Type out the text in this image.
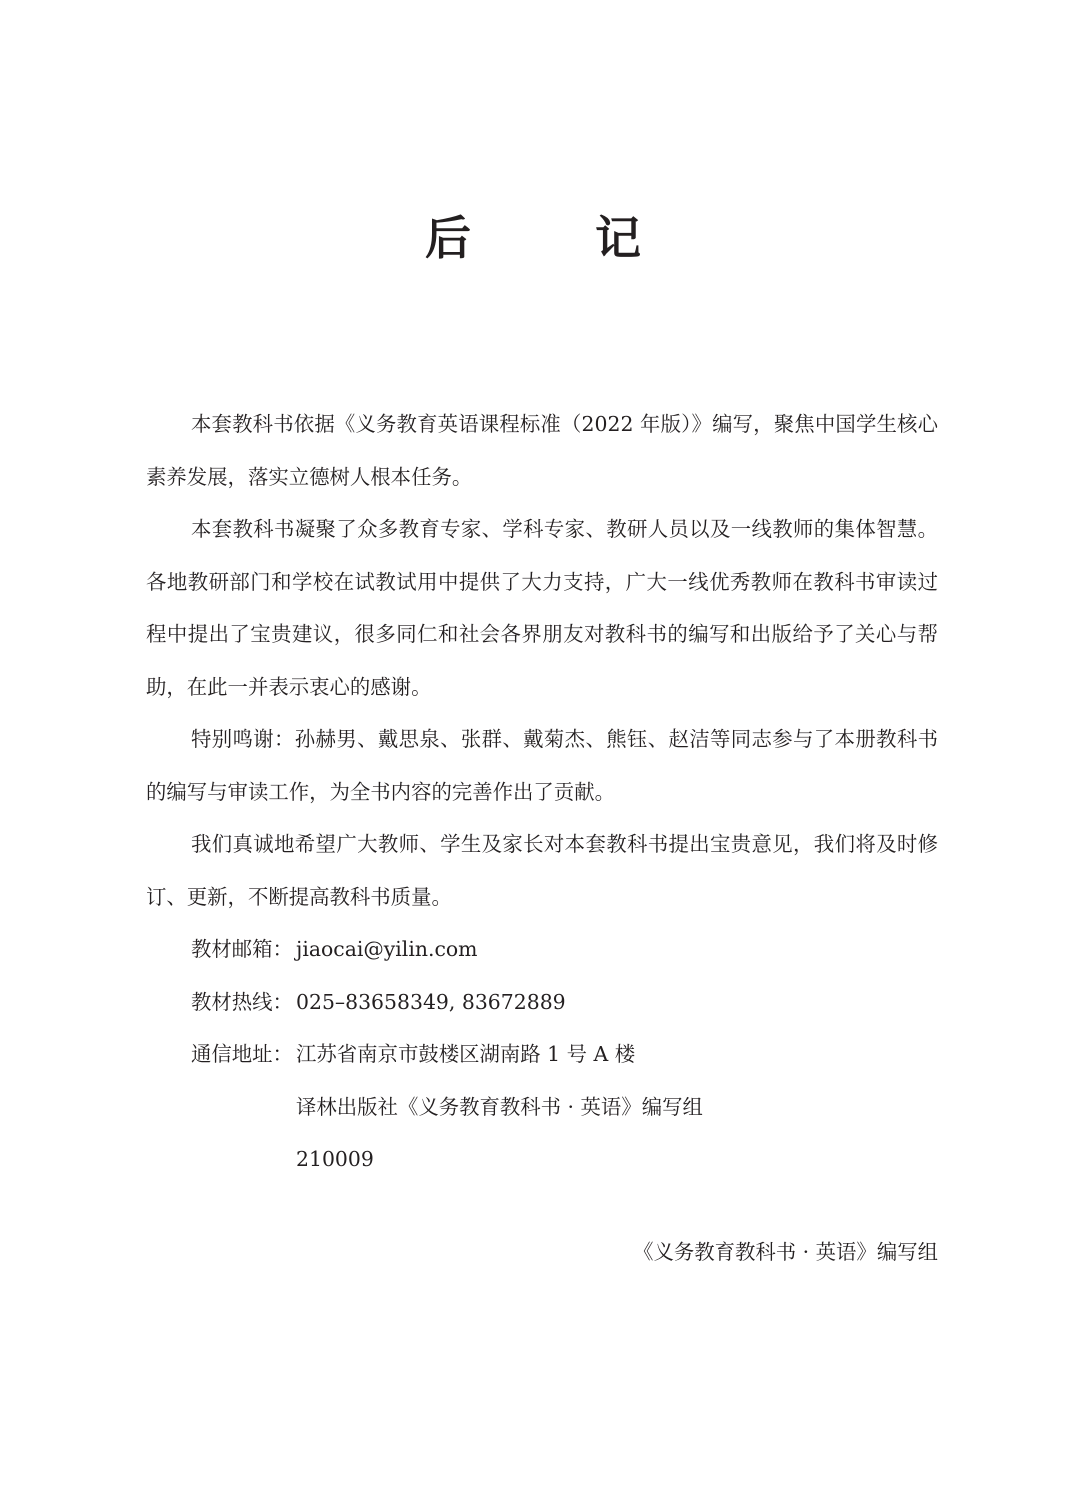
后 记

本套教科书依据《义务教育英语课程标准（2022 年版）》编写，聚焦中国学生核心素养发展，落实立德树人根本任务。

本套教科书凝聚了众多教育专家、学科专家、教研人员以及一线教师的集体智慧。各地教研部门和学校在试教试用中提供了大力支持，广大一线优秀教师在教科书审读过程中提出了宝贵建议，很多同仁和社会各界朋友对教科书的编写和出版给予了关心与帮助，在此一并表示衷心的感谢。

特别鸣谢：孙赫男、戴思泉、张群、戴菊杰、熊钰、赵洁等同志参与了本册教科书的编写与审读工作，为全书内容的完善作出了贡献。

我们真诚地希望广大教师、学生及家长对本套教科书提出宝贵意见，我们将及时修订、更新，不断提高教科书质量。

教材邮箱： jiaocai@yilin.com

教材热线： 025–83658349, 83672889

通信地址： 江苏省南京市鼓楼区湖南路 1 号 A 楼

译林出版社《义务教育教科书 · 英语》编写组

210009

《义务教育教科书 · 英语》编写组
